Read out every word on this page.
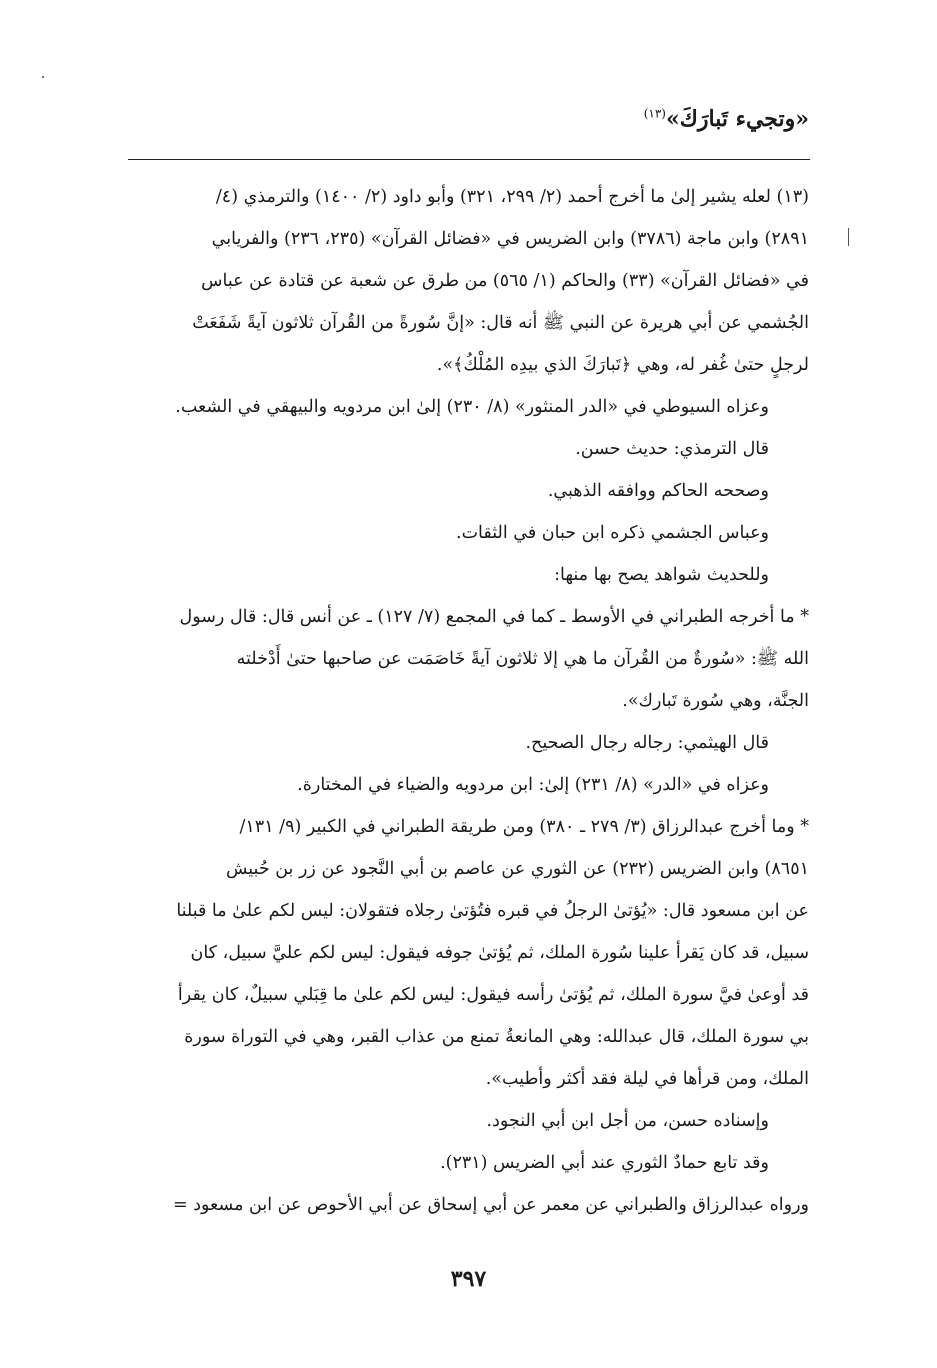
«وتجيء تَبارَكَ»$^{(١٣)}$
(١٣) لعله يشير إلىٰ ما أخرج أحمد (٢/ ٢٩٩، ٣٢١) وأبو داود (٢/ ١٤٠٠) والترمذي (٤/
٢٨٩١) وابن ماجة (٣٧٨٦) وابن الضريس في «فضائل القرآن» (٢٣٥، ٢٣٦) والفريابي
في «فضائل القرآن» (٣٣) والحاكم (١/ ٥٦٥) من طرق عن شعبة عن قتادة عن عباس
الجُشمي عن أبي هريرة عن النبي ﷺ أنه قال: «إنَّ سُورةً من القُرآن ثلاثون آيةً شَفَعَتْ
لرجلٍ حتىٰ غُفر له، وهي ﴿تَبارَكَ الذي بيدِه المُلْكُ﴾».
وعزاه السيوطي في «الدر المنثور» (٨/ ٢٣٠) إلىٰ ابن مردويه والبيهقي في الشعب.
قال الترمذي: حديث حسن.
وصححه الحاكم ووافقه الذهبي.
وعباس الجشمي ذكره ابن حبان في الثقات.
وللحديث شواهد يصح بها منها:
* ما أخرجه الطبراني في الأوسط ـ كما في المجمع (٧/ ١٢٧) ـ عن أنس قال: قال رسول
الله ﷺ: «سُورةٌ من القُرآن ما هي إلا ثلاثون آيةً خَاصَمَت عن صاحبها حتىٰ أَدْخلته
الجنَّة، وهي سُورة تَبارك».
قال الهيثمي: رجاله رجال الصحيح.
وعزاه في «الدر» (٨/ ٢٣١) إلىٰ: ابن مردويه والضياء في المختارة.
* وما أخرج عبدالرزاق (٣/ ٢٧٩ ـ ٣٨٠) ومن طريقة الطبراني في الكبير (٩/ ١٣١/
٨٦٥١) وابن الضريس (٢٣٢) عن الثوري عن عاصم بن أبي النَّجود عن زر بن حُبيش
عن ابن مسعود قال: «يُؤتىٰ الرجلُ في قبره فتُؤتىٰ رجلاه فتقولان: ليس لكم علىٰ ما قبلنا
سبيل، قد كان يَقرأ علينا سُورة الملك، ثم يُؤتىٰ جوفه فيقول: ليس لكم عليَّ سبيل، كان
قد أوعىٰ فيَّ سورة الملك، ثم يُؤتىٰ رأسه فيقول: ليس لكم علىٰ ما قِبَلي سبيلٌ، كان يقرأ
بي سورة الملك، قال عبدالله: وهي المانعةُ تمنع من عذاب القبر، وهي في التوراة سورة
الملك، ومن قرأها في ليلة فقد أكثر وأطيب».
وإسناده حسن، من أجل ابن أبي النجود.
وقد تابع حمادٌ الثوري عند أبي الضريس (٢٣١).
ورواه عبدالرزاق والطبراني عن معمر عن أبي إسحاق عن أبي الأحوص عن ابن مسعود =
٣٩٧
